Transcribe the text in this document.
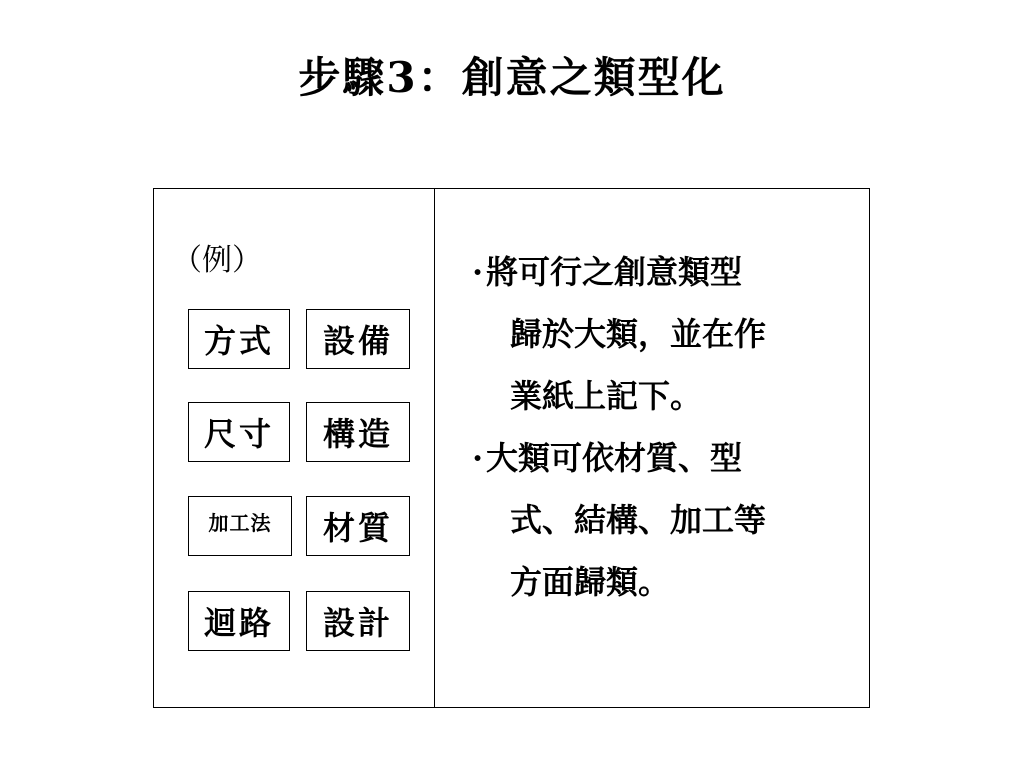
步驟3：創意之類型化
（例）
方式	設備
尺寸	構造
加工法	材質
迴路	設計
·將可行之創意類型
歸於大類，並在作
業紙上記下。
·大類可依材質、型
式、結構、加工等
方面歸類。
